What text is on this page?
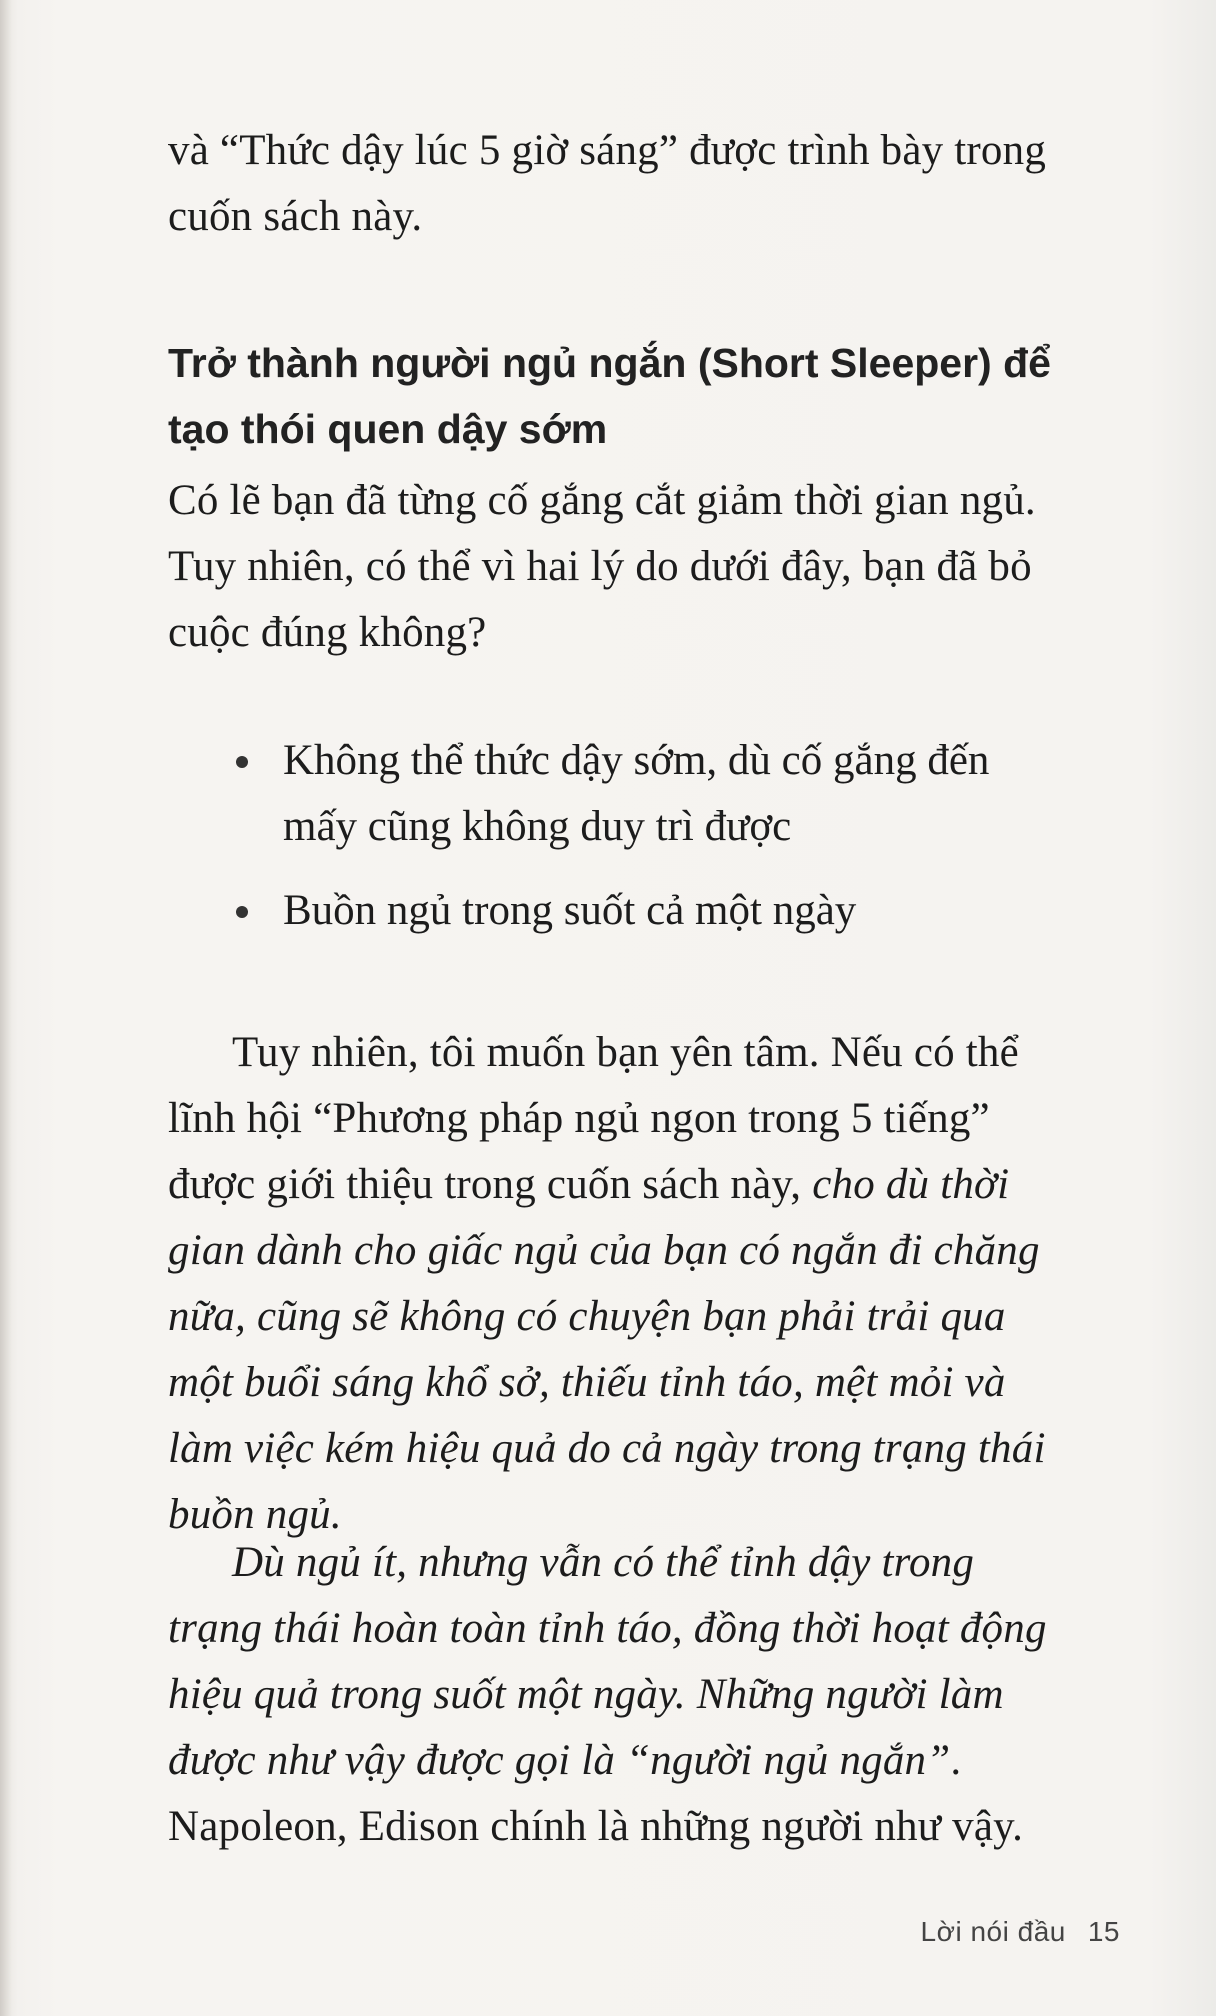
và “Thức dậy lúc 5 giờ sáng” được trình bày trong cuốn sách này.

Trở thành người ngủ ngắn (Short Sleeper) để tạo thói quen dậy sớm

Có lẽ bạn đã từng cố gắng cắt giảm thời gian ngủ. Tuy nhiên, có thể vì hai lý do dưới đây, bạn đã bỏ cuộc đúng không?

Không thể thức dậy sớm, dù cố gắng đến mấy cũng không duy trì được
Buồn ngủ trong suốt cả một ngày

Tuy nhiên, tôi muốn bạn yên tâm. Nếu có thể lĩnh hội “Phương pháp ngủ ngon trong 5 tiếng” được giới thiệu trong cuốn sách này, cho dù thời gian dành cho giấc ngủ của bạn có ngắn đi chăng nữa, cũng sẽ không có chuyện bạn phải trải qua một buổi sáng khổ sở, thiếu tỉnh táo, mệt mỏi và làm việc kém hiệu quả do cả ngày trong trạng thái buồn ngủ.

Dù ngủ ít, nhưng vẫn có thể tỉnh dậy trong trạng thái hoàn toàn tỉnh táo, đồng thời hoạt động hiệu quả trong suốt một ngày. Những người làm được như vậy được gọi là “người ngủ ngắn”. Napoleon, Edison chính là những người như vậy.

Lời nói đầu 15
